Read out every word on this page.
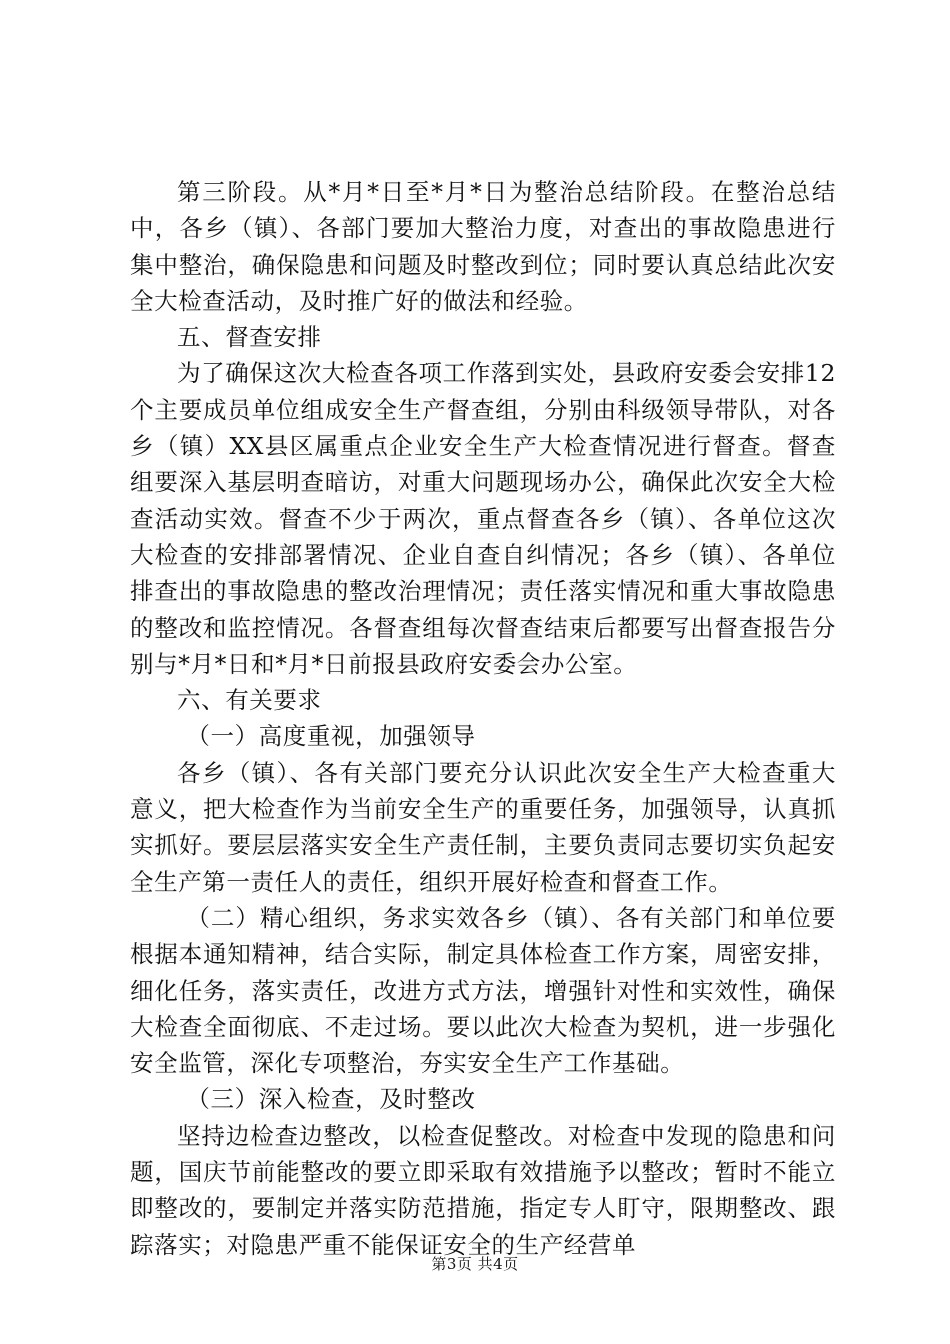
第三阶段。从*月*日至*月*日为整治总结阶段。在整治总结中，各乡（镇）、各部门要加大整治力度，对查出的事故隐患进行集中整治，确保隐患和问题及时整改到位；同时要认真总结此次安全大检查活动，及时推广好的做法和经验。

五、督查安排

为了确保这次大检查各项工作落到实处，县政府安委会安排12个主要成员单位组成安全生产督查组，分别由科级领导带队，对各乡（镇）XX县区属重点企业安全生产大检查情况进行督查。督查组要深入基层明查暗访，对重大问题现场办公，确保此次安全大检查活动实效。督查不少于两次，重点督查各乡（镇）、各单位这次大检查的安排部署情况、企业自查自纠情况；各乡（镇）、各单位排查出的事故隐患的整改治理情况；责任落实情况和重大事故隐患的整改和监控情况。各督查组每次督查结束后都要写出督查报告分别与*月*日和*月*日前报县政府安委会办公室。

六、有关要求

（一）高度重视，加强领导

各乡（镇）、各有关部门要充分认识此次安全生产大检查重大意义，把大检查作为当前安全生产的重要任务，加强领导，认真抓实抓好。要层层落实安全生产责任制，主要负责同志要切实负起安全生产第一责任人的责任，组织开展好检查和督查工作。

（二）精心组织，务求实效各乡（镇）、各有关部门和单位要根据本通知精神，结合实际，制定具体检查工作方案，周密安排，细化任务，落实责任，改进方式方法，增强针对性和实效性，确保大检查全面彻底、不走过场。要以此次大检查为契机，进一步强化安全监管，深化专项整治，夯实安全生产工作基础。

（三）深入检查，及时整改

坚持边检查边整改，以检查促整改。对检查中发现的隐患和问题，国庆节前能整改的要立即采取有效措施予以整改；暂时不能立即整改的，要制定并落实防范措施，指定专人盯守，限期整改、跟踪落实；对隐患严重不能保证安全的生产经营单

第3页 共4页
